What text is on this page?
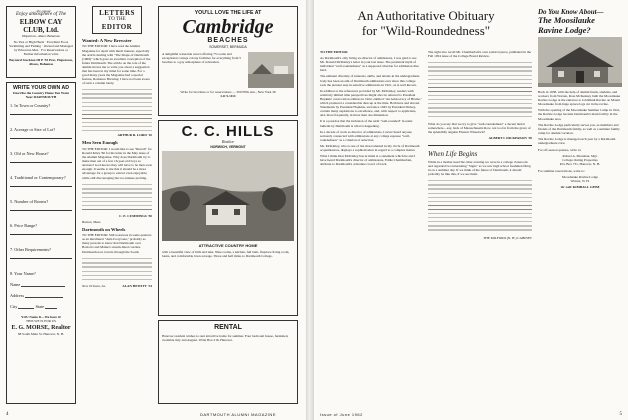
. . . the casual
Enjoy atmosphere of The
ELBOW CAY
CLUB, Ltd.
Hopetown, Abaco Bahamas
No Ties or High Heels · Excellent Food, Swimming and Fishing · Owned and Managed by Princeton Men · For Reservations or Further Information write
Baynard Stockton III P '55 Pres. Hopetown, Abaco, Bahamas
WRITE YOUR OWN AD
Describe the Country Home You Want Near DARTMOUTH
1. In Town or Country?
2. Acreage or Size of Lot?
3. Old or New House?
4. Traditional or Contemporary?
5. Number of Rooms?
6. Price Range?
7. Other Requirements?
8. Your Name?
Name
Address
City	State
YOU Name It—We have it!
THIS WE IS FOR US
E. G. MORSE, Realtor
68 South Main St. Hanover, N. H.
LETTERS
TO THE
EDITOR
Wanted: A New Brewster

TO THE EDITOR: I have read the Alumni Magazine for April with much interest, especially the article dealing with "The Shape of Dartmouth (1969)" which gave an excellent conception of the future Dartmouth. The article on the role of the alumni moves me to write you about a suggestion that has been in my mind for some time. For a good many years the Magazine had a special feature, Romance Brewing. I have not been aware of such a column lately.

ARTHUR R. LORD '10

Men Seen Enough

TO THE EDITOR: I would like to see "Rurrah" for Ronald Kiley '60 for his letter in the May issue of the Alumni Magazine. Why does Dartmouth try to make men out of a few 16-year-old boys so anxious? God knows they will have to be men soon enough. It seems to me that it should be a more advantage for a group to extract even enjoyable, while still discouraging the too-intense probing.

C. E. CUMMINGS '50

Boston, Mass.

Dartmouth on Wheels

TO THE EDITOR: Still notorious in some quarters as an intramural "Anti-Ivorycana," probably as many persons to know that Dartmouth over Boston's and Maine's stream-lined coaches. Dartmouth now travels through the South.

New Orleans, La.	ALAN HEWITT '34

YOU'LL LOVE THE LIFE AT
Cambridge
BEACHES
SOMERSET, BERMUDA
A delightful waterside resort offering 75 rooms and exceptional cottage colony facilities for everything from 5 beaches to a gay atmosphere of relaxation.
Write for brochure or for reservations — 500 Fifth Ave., New York 36
LO 5-1114
C. C. HILLS
Realtor
NORWICH, VERMONT
ATTRACTIVE COUNTRY HOME
with a beautiful view of hills and lake. Nine rooms, a kitchen, full bath, fireplace living room, barns, and comfortable lawn acreage. Three and half miles to Dartmouth College.
RENTAL
Hanover resident wishes to rent attractive home for summer. Four bedroom house, furnished, available July and August. Write Box 216, Hanover.
4	DARTMOUTH ALUMNI MAGAZINE
An Authoritative Obituary
for "Wild-Roundedness"

TO THE EDITOR:

As Dartmouth's only living ex-director of admissions, I was glad to see Mr. Donald McKinley's letter in your last issue. The persistent myth of individual "well-roundedness" as a supposed criterion for admission dies hard.

The eminent diversity of interests, skills, and talents in the undergraduate body has been an aim of Dartmouth admissions ever since this college took the pioneer step in selective admissions in 1921, as is well known.

In addition to the references provided by Mr. McKinley, readers with relatively limited time perspectives might also be referred to President Hopkins' convocation address in 1922, entitled "An Aristocracy of Brains," which produced a considerable dust-up at the time. Both here and abroad. Statements by President Hopkins, and since 1945 by President Dickey, contain many aspirations to excellence, and, with respect to applicants, and, more frequently, in more than one dimension.

It is a paradox that the inclusion of the term "well-rounded" in some bulletin by Dartmouth is what is happening.

In a decade of work as director of admissions, I never heard anyone seriously connected with admissions at any college espouse "well-roundedness" as a criterion of selection.

Mr. McKinley, who is one of the most talented in my circle of Dartmouth acquaintances, displays a sophistication in regard to a complex matter.

What I think Don McKinley has in mind is a statement which he and I have heard Dartmouth's director of admissions, Eddie Chamberlain, attribute to Dartmouth's articulate crowd of track.

The sight also recall Mr. Chamberlain's own satirical piece, published in the Fall 1954 issue of the College Board Review.

What do you say that we try to give "well-roundedness" a decent burial somewhere—say, back of Massachusetts Row, not too far from the grave of the splendidly angular Eleazar Wheelock?

ALBERT I. DICKERSON '30

When Life Begins

While in a mother need the other evening we were in a college classroom and regarded two interesting "Signs" as we saw high school freshmen filing in on a summer day. If we think of the future of Dartmouth, it should probably be like this, if we see them.

THE MILFORD (N. H.) CABINET

Do You Know About—
The Moosilauke
Ravine Lodge?

Back in 1938, with the help of alumni funds, students, and workers from Warren, Ross McKenney built the Moosilauke Ravine Lodge at the entrance to Jobildunk Ravine on Mount Moosilauke from huge spruce logs cut in the ravine.

With the opening of the Moosilauke Summer Camp in 1941, the Ravine Lodge became Dartmouth's main facility in the Moosilauke area.

The Ravine Lodge particularly serves you, as members and friends of the Dartmouth family, as well as a summer family camp for alumni vacation.

The Ravine Lodge is managed each year by a Dartmouth undergraduate crew.

For off-season queries, write to:

Robert A. Monahan, Mgr.
College Outing Properties
P.O. Box 731, Hanover, N. H.

For summer reservations, write to:

Moosilauke Ravine Lodge
Warren, N. H.

Or call: KIMBALL 4-8958

Issue of June 1962	5
